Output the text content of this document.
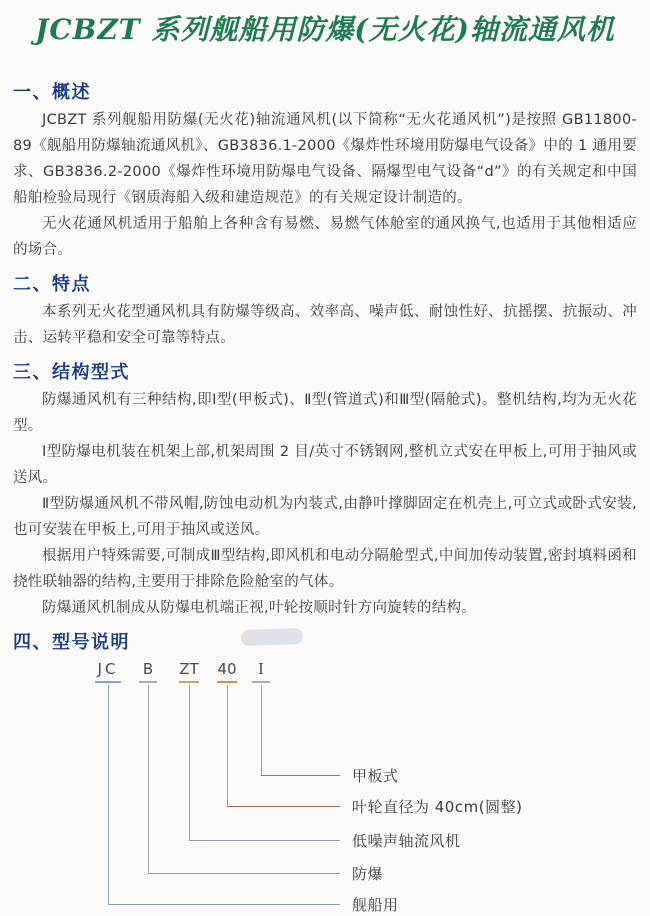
JCBZT 系列舰船用防爆(无火花)轴流通风机
一、概述

JCBZT 系列舰船用防爆(无火花)轴流通风机(以下简称“无火花通风机”)是按照 GB11800-89《舰船用防爆轴流通风机》、GB3836.1-2000《爆炸性环境用防爆电气设备》中的 1 通用要求、GB3836.2-2000《爆炸性环境用防爆电气设备、隔爆型电气设备“d”》的有关规定和中国船舶检验局现行《钢质海船入级和建造规范》的有关规定设计制造的。

无火花通风机适用于船舶上各种含有易燃、易燃气体舱室的通风换气,也适用于其他相适应的场合。

二、特点

本系列无火花型通风机具有防爆等级高、效率高、噪声低、耐蚀性好、抗摇摆、抗振动、冲击、运转平稳和安全可靠等特点。

三、结构型式

防爆通风机有三种结构,即Ⅰ型(甲板式)、Ⅱ型(管道式)和Ⅲ型(隔舱式)。整机结构,均为无火花型。

Ⅰ型防爆电机装在机架上部,机架周围 2 目/英寸不锈钢网,整机立式安在甲板上,可用于抽风或送风。

Ⅱ型防爆通风机不带风帽,防蚀电动机为内装式,由静叶撑脚固定在机壳上,可立式或卧式安装,也可安装在甲板上,可用于抽风或送风。

根据用户特殊需要,可制成Ⅲ型结构,即风机和电动分隔舱型式,中间加传动装置,密封填料函和挠性联轴器的结构,主要用于排除危险舱室的气体。

防爆通风机制成从防爆电机端正视,叶轮按顺时针方向旋转的结构。

四、型号说明
JC B ZT 40 I
甲板式
叶轮直径为 40cm(圆整)
低噪声轴流风机
防爆
舰船用
